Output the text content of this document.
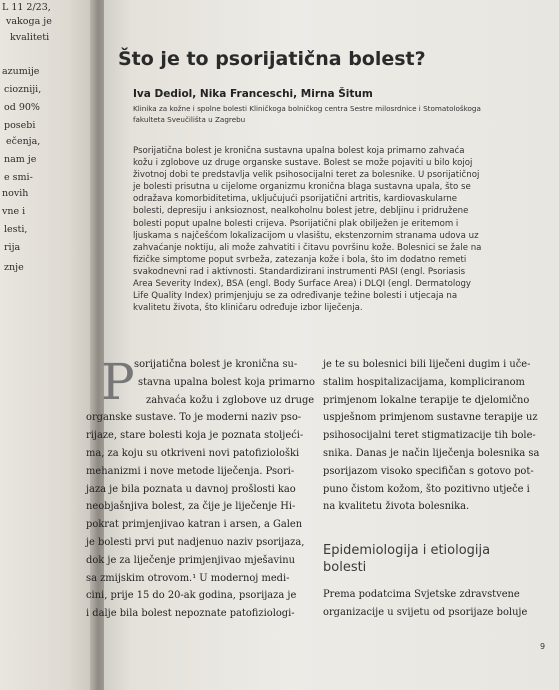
L 11 2/23,
vakoga je
kvaliteti
azumije
ciozniji,
od 90%
posebi
ečenja,
nam je
e smi-
novih
vne i
lesti,
rija
znje
Što je to psorijatična bolest?
Iva Dediol, Nika Franceschi, Mirna Šitum
Klinika za kožne i spolne bolesti Kliničkoga bolničkog centra Sestre milosrdnice i Stomatološkoga fakulteta Sveučilišta u Zagrebu
Psorijatična bolest je kronična sustavna upalna bolest koja primarno zahvaća
kožu i zglobove uz druge organske sustave. Bolest se može pojaviti u bilo kojoj
životnoj dobi te predstavlja velik psihosocijalni teret za bolesnike. U psorijatičnoj
je bolesti prisutna u cijelome organizmu kronična blaga sustavna upala, što se
odražava komorbiditetima, uključujući psorijatični artritis, kardiovaskularne
bolesti, depresiju i anksioznost, nealkoholnu bolest jetre, debljinu i pridružene
bolesti poput upalne bolesti crijeva. Psorijatični plak obilježen je eritemom i
ljuskama s najčešćom lokalizacijom u vlasištu, ekstenzornim stranama udova uz
zahvaćanje noktiju, ali može zahvatiti i čitavu površinu kože. Bolesnici se žale na
fizičke simptome poput svrbeža, zatezanja kože i bola, što im dodatno remeti
svakodnevni rad i aktivnosti. Standardizirani instrumenti PASI (engl. Psoriasis
Area Severity Index), BSA (engl. Body Surface Area) i DLQI (engl. Dermatology
Life Quality Index) primjenjuju se za određivanje težine bolesti i utjecaja na
kvalitetu života, što kliničaru određuje izbor liječenja.
P sorijatična bolest je kronična su-
stavna upalna bolest koja primarno
zahvaća kožu i zglobove uz druge
organske sustave. To je moderni naziv pso-
rijaze, stare bolesti koja je poznata stoljeći-
ma, za koju su otkriveni novi patofiziološki
mehanizmi i nove metode liječenja. Psori-
jaza je bila poznata u davnoj prošlosti kao
neobjašnjiva bolest, za čije je liječenje Hi-
pokrat primjenjivao katran i arsen, a Galen
je bolesti prvi put nadjenuo naziv psorijaza,
dok je za liječenje primjenjivao mješavinu
sa zmijskim otrovom.¹ U modernoj medi-
cini, prije 15 do 20-ak godina, psorijaza je
i dalje bila bolest nepoznate patofiziologi-
je te su bolesnici bili liječeni dugim i uče-
stalim hospitalizacijama, kompliciranom
primjenom lokalne terapije te djelomično
uspješnom primjenom sustavne terapije uz
psihosocijalni teret stigmatizacije tih bole-
snika. Danas je način liječenja bolesnika sa
psorijazom visoko specifičan s gotovo pot-
puno čistom kožom, što pozitivno utječe i
na kvalitetu života bolesnika.
Epidemiologija i etiologija
bolesti
Prema podatcima Svjetske zdravstvene
organizacije u svijetu od psorijaze boluje
9
